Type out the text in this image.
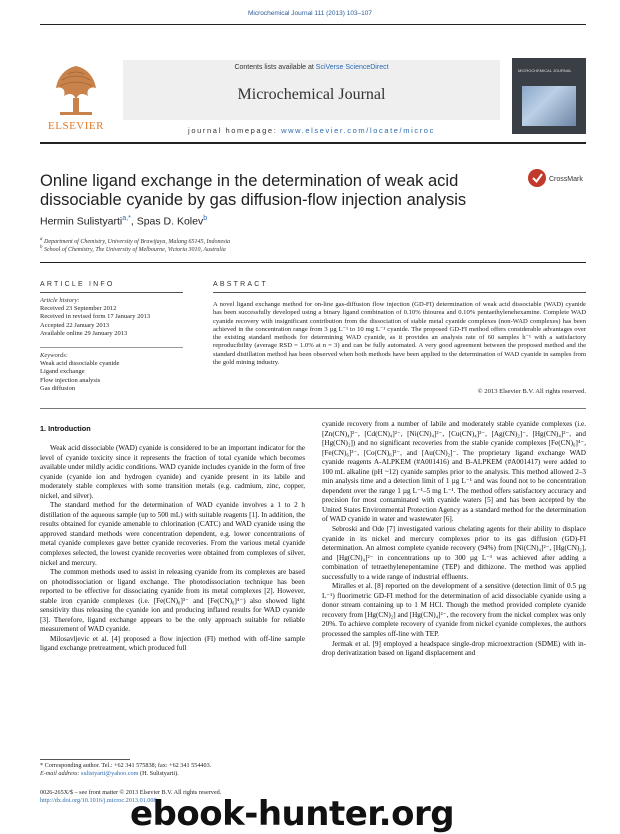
Microchemical Journal 111 (2013) 103–107
ELSEVIER
Contents lists available at SciVerse ScienceDirect
Microchemical Journal
MICROCHEMICAL JOURNAL
journal homepage: www.elsevier.com/locate/microc
Online ligand exchange in the determination of weak acid dissociable cyanide by gas diffusion-flow injection analysis
CrossMark
Hermin Sulistyarti$^{a,*}$, Spas D. Kolev$^b$
$^a$ Department of Chemistry, University of Brawijaya, Malang 65145, Indonesia
$^b$ School of Chemistry, The University of Melbourne, Victoria 3010, Australia
ARTICLE INFO
Article history:
Received 23 September 2012
Received in revised form 17 January 2013
Accepted 22 January 2013
Available online 29 January 2013
Keywords:
Weak acid dissociable cyanide
Ligand exchange
Flow injection analysis
Gas diffusion
ABSTRACT
A novel ligand exchange method for on-line gas-diffusion flow injection (GD-FI) determination of weak acid dissociable (WAD) cyanide has been successfully developed using a binary ligand combination of 0.10% thiourea and 0.10% pentaethylenehexamine. Complete WAD cyanide recovery with insignificant contribution from the dissociation of stable metal cyanide complexes (non-WAD complexes) has been achieved in the concentration range from 3 µg L⁻¹ to 10 mg L⁻¹ cyanide. The proposed GD-FI method offers considerable advantages over the existing standard methods for determining WAD cyanide, as it provides an analysis rate of 60 samples h⁻¹ with a satisfactory reproducibility (average RSD = 1.0% at n = 3) and can be fully automated. A very good agreement between the proposed method and the standard distillation method has been observed when both methods have been applied to the determination of WAD cyanide in samples from the gold mining industry.
© 2013 Elsevier B.V. All rights reserved.
1. Introduction

Weak acid dissociable (WAD) cyanide is considered to be an important indicator for the level of cyanide toxicity since it represents the fraction of total cyanide which becomes available under mildly acidic conditions. WAD cyanide includes cyanide in the form of free cyanide (cyanide ion and hydrogen cyanide) and cyanide present in its labile and moderately stable complexes with some transition metals (e.g. cadmium, zinc, copper, nickel, and silver).

The standard method for the determination of WAD cyanide involves a 1 to 2 h distillation of the aqueous sample (up to 500 mL) with suitable reagents [1]. In addition, the results obtained for cyanide amenable to chlorination (CATC) and WAD cyanide using the approved standard methods were concentration dependent, e.g. lower concentrations of metal cyanide complexes gave better cyanide recoveries. From the various metal cyanide complexes selected, the lowest cyanide recoveries were obtained from complexes of silver, nickel and mercury.

The common methods used to assist in releasing cyanide from its complexes are based on photodissociation or ligand exchange. The photodissociation technique has been reported to be effective for dissociating cyanide from its metal complexes [2]. However, stable iron cyanide complexes (i.e. [Fe(CN)₆]³⁻ and [Fe(CN)₆]⁴⁻) also showed light sensitivity thus releasing the cyanide ion and producing inflated results for WAD cyanide [3]. Therefore, ligand exchange appears to be the only approach suitable for reliable measurement of WAD cyanide.

Milosavljevic et al. [4] proposed a flow injection (FI) method with off-line sample ligand exchange pretreatment, which produced full

cyanide recovery from a number of labile and moderately stable cyanide complexes (i.e. [Zn(CN)₄]²⁻, [Cd(CN)₄]²⁻, [Ni(CN)₄]²⁻, [Cu(CN)₄]³⁻, [Ag(CN)₂]⁻, [Hg(CN)₄]²⁻, and [Hg(CN)₂]) and no significant recoveries from the stable cyanide complexes [Fe(CN)₆]⁴⁻, [Fe(CN)₆]³⁻, [Co(CN)₆]³⁻, and [Au(CN)₂]⁻. The proprietary ligand exchange WAD cyanide reagents A-ALPKEM (#A001416) and B-ALPKEM (#A001417) were added to 100 mL alkaline (pH ~12) cyanide samples prior to the analysis. This method allowed 2–3 min analysis time and a detection limit of 1 µg L⁻¹ and was found not to be concentration dependent over the range 1 µg L⁻¹–5 mg L⁻¹. The method offers satisfactory accuracy and precision for most contaminated with cyanide waters [5] and has been accepted by the United States Environmental Protection Agency as a standard method for the determination of WAD cyanide in water and wastewater [6].

Sebroski and Ode [7] investigated various chelating agents for their ability to displace cyanide in its nickel and mercury complexes prior to its gas diffusion (GD)-FI determination. An almost complete cyanide recovery (94%) from [Ni(CN)₄]²⁻, [Hg(CN)₂], and [Hg(CN)₄]²⁻ in concentrations up to 300 µg L⁻¹ was achieved after adding a combination of tetraethylenepentamine (TEP) and dithizone. The method was applied successfully to a wide range of industrial effluents.

Miralles et al. [8] reported on the development of a sensitive (detection limit of 0.5 µg L⁻¹) fluorimetric GD-FI method for the determination of acid dissociable cyanide using a donor stream containing up to 1 M HCl. Though the method provided complete cyanide recovery from [Hg(CN)₂] and [Hg(CN)₄]²⁻, the recovery from the nickel complex was only 20%. To achieve complete recovery of cyanide from nickel cyanide complexes, the authors processed the samples off-line with TEP.

Jermak et al. [9] employed a headspace single-drop microextraction (SDME) with in-drop derivatization based on ligand displacement and

* Corresponding author. Tel.: +62 341 575838; fax: +62 341 554403.
E-mail address: sulistyarti@yahoo.com (H. Sulistyarti).
0026-265X/$ – see front matter © 2013 Elsevier B.V. All rights reserved.
http://dx.doi.org/10.1016/j.microc.2013.01.008
ebook-hunter.org
